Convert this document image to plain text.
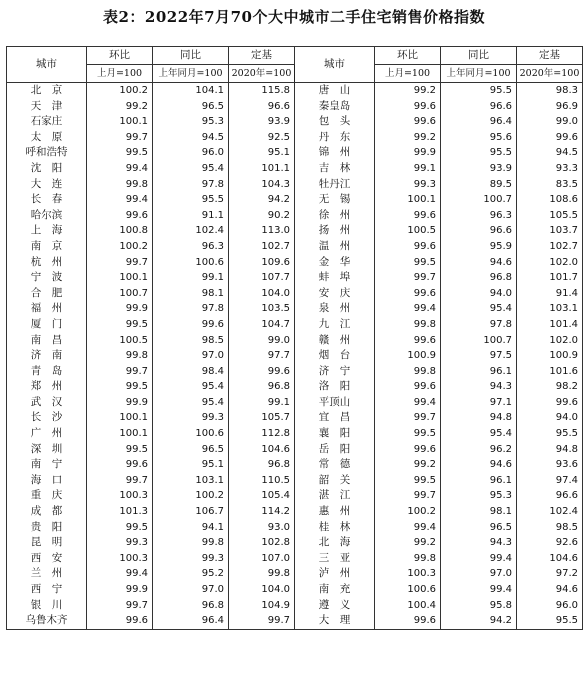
表2：2022年7月70个大中城市二手住宅销售价格指数
城市	环比	同比	定基	城市	环比	同比	定基
	上月=100	上年同月=100	2020年=100		上月=100	上年同月=100	2020年=100
北　京	100.2	104.1	115.8	唐　山	99.2	95.5	98.3
天　津	99.2	96.5	96.6	秦皇岛	99.6	96.6	96.9
石家庄	100.1	95.3	93.9	包　头	99.6	96.4	99.0
太　原	99.7	94.5	92.5	丹　东	99.2	95.6	99.6
呼和浩特	99.5	96.0	95.1	锦　州	99.9	95.5	94.5
沈　阳	99.4	95.4	101.1	吉　林	99.1	93.9	93.3
大　连	99.8	97.8	104.3	牡丹江	99.3	89.5	83.5
长　春	99.4	95.5	94.2	无　锡	100.1	100.7	108.6
哈尔滨	99.6	91.1	90.2	徐　州	99.6	96.3	105.5
上　海	100.8	102.4	113.0	扬　州	100.5	96.6	103.7
南　京	100.2	96.3	102.7	温　州	99.6	95.9	102.7
杭　州	99.7	100.6	109.6	金　华	99.5	94.6	102.0
宁　波	100.1	99.1	107.7	蚌　埠	99.7	96.8	101.7
合　肥	100.7	98.1	104.0	安　庆	99.6	94.0	91.4
福　州	99.9	97.8	103.5	泉　州	99.4	95.4	103.1
厦　门	99.5	99.6	104.7	九　江	99.8	97.8	101.4
南　昌	100.5	98.5	99.0	赣　州	99.6	100.7	102.0
济　南	99.8	97.0	97.7	烟　台	100.9	97.5	100.9
青　岛	99.7	98.4	99.6	济　宁	99.8	96.1	101.6
郑　州	99.5	95.4	96.8	洛　阳	99.6	94.3	98.2
武　汉	99.9	95.4	99.1	平顶山	99.4	97.1	99.6
长　沙	100.1	99.3	105.7	宜　昌	99.7	94.8	94.0
广　州	100.1	100.6	112.8	襄　阳	99.5	95.4	95.5
深　圳	99.5	96.5	104.6	岳　阳	99.6	96.2	94.8
南　宁	99.6	95.1	96.8	常　德	99.2	94.6	93.6
海　口	99.7	103.1	110.5	韶　关	99.5	96.1	97.4
重　庆	100.3	100.2	105.4	湛　江	99.7	95.3	96.6
成　都	101.3	106.7	114.2	惠　州	100.2	98.1	102.4
贵　阳	99.5	94.1	93.0	桂　林	99.4	96.5	98.5
昆　明	99.3	99.8	102.8	北　海	99.2	94.3	92.6
西　安	100.3	99.3	107.0	三　亚	99.8	99.4	104.6
兰　州	99.4	95.2	99.8	泸　州	100.3	97.0	97.2
西　宁	99.9	97.0	104.0	南　充	100.6	99.4	94.6
银　川	99.7	96.8	104.9	遵　义	100.4	95.8	96.0
乌鲁木齐	99.6	96.4	99.7	大　理	99.6	94.2	95.5
